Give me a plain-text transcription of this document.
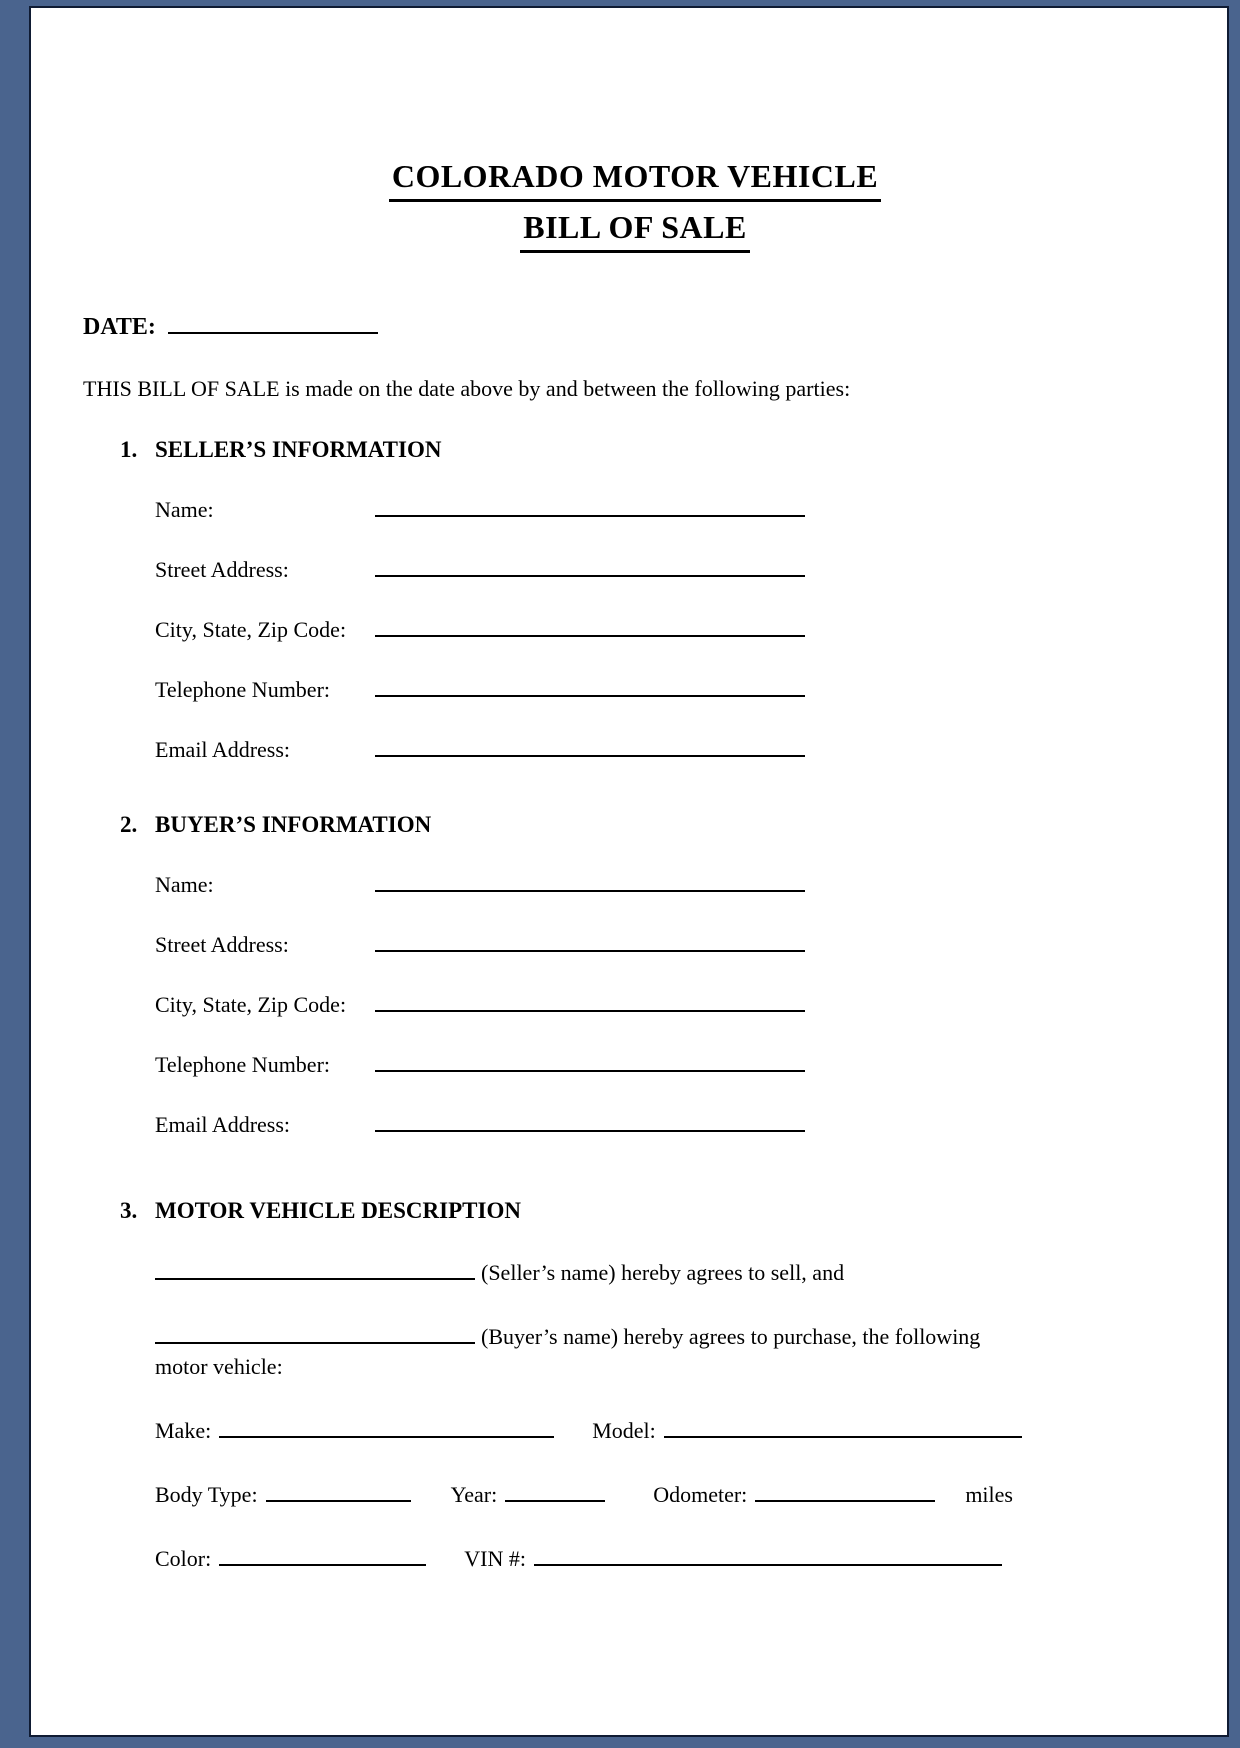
COLORADO MOTOR VEHICLE
BILL OF SALE
DATE:

THIS BILL OF SALE is made on the date above by and between the following parties:

1. SELLER’S INFORMATION
Name:
Street Address:
City, State, Zip Code:
Telephone Number:
Email Address:
2. BUYER’S INFORMATION
Name:
Street Address:
City, State, Zip Code:
Telephone Number:
Email Address:
3. MOTOR VEHICLE DESCRIPTION
(Seller’s name) hereby agrees to sell, and
(Buyer’s name) hereby agrees to purchase, the following
motor vehicle:
Make:	Model:
Body Type:	Year:	Odometer:	miles
Color:	VIN #:
